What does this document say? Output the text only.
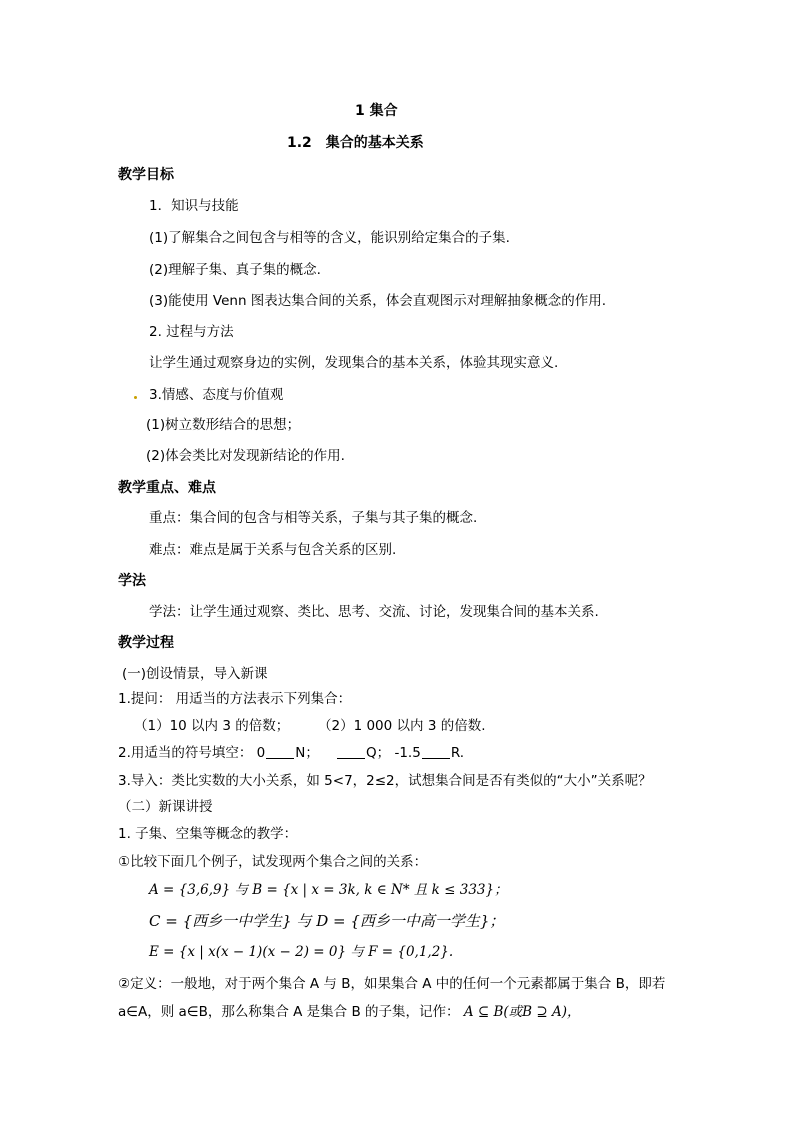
1 集合
1.2　集合的基本关系
教学目标
1．知识与技能
(1)了解集合之间包含与相等的含义，能识别给定集合的子集.
(2)理解子集、真子集的概念.
(3)能使用 Venn 图表达集合间的关系，体会直观图示对理解抽象概念的作用.
2. 过程与方法
让学生通过观察身边的实例，发现集合的基本关系，体验其现实意义.
3.情感、态度与价值观
(1)树立数形结合的思想；
(2)体会类比对发现新结论的作用.
教学重点、难点
重点：集合间的包含与相等关系，子集与其子集的概念.
难点：难点是属于关系与包含关系的区别.
学法
学法：让学生通过观察、类比、思考、交流、讨论，发现集合间的基本关系.
教学过程
(一)创设情景，导入新课
1.提问： 用适当的方法表示下列集合：
（1）10 以内 3 的倍数； （2）1 000 以内 3 的倍数.
2.用适当的符号填空： 0 N；	Q； -1.5 R.
3.导入：类比实数的大小关系，如 5<7，2≤2，试想集合间是否有类似的“大小”关系呢？
（二）新课讲授
1. 子集、空集等概念的教学：
①比较下面几个例子，试发现两个集合之间的关系：
A = {3,6,9} 与 B = {x | x = 3k, k ∈ N* 且 k ≤ 333}；
C = {西乡一中学生} 与 D = {西乡一中高一学生}；
E = {x | x(x − 1)(x − 2) = 0} 与 F = {0,1,2}.
②定义：一般地，对于两个集合 A 与 B，如果集合 A 中的任何一个元素都属于集合 B，即若
a∈A，则 a∈B，那么称集合 A 是集合 B 的子集，记作： A ⊆ B(或B ⊇ A)，
